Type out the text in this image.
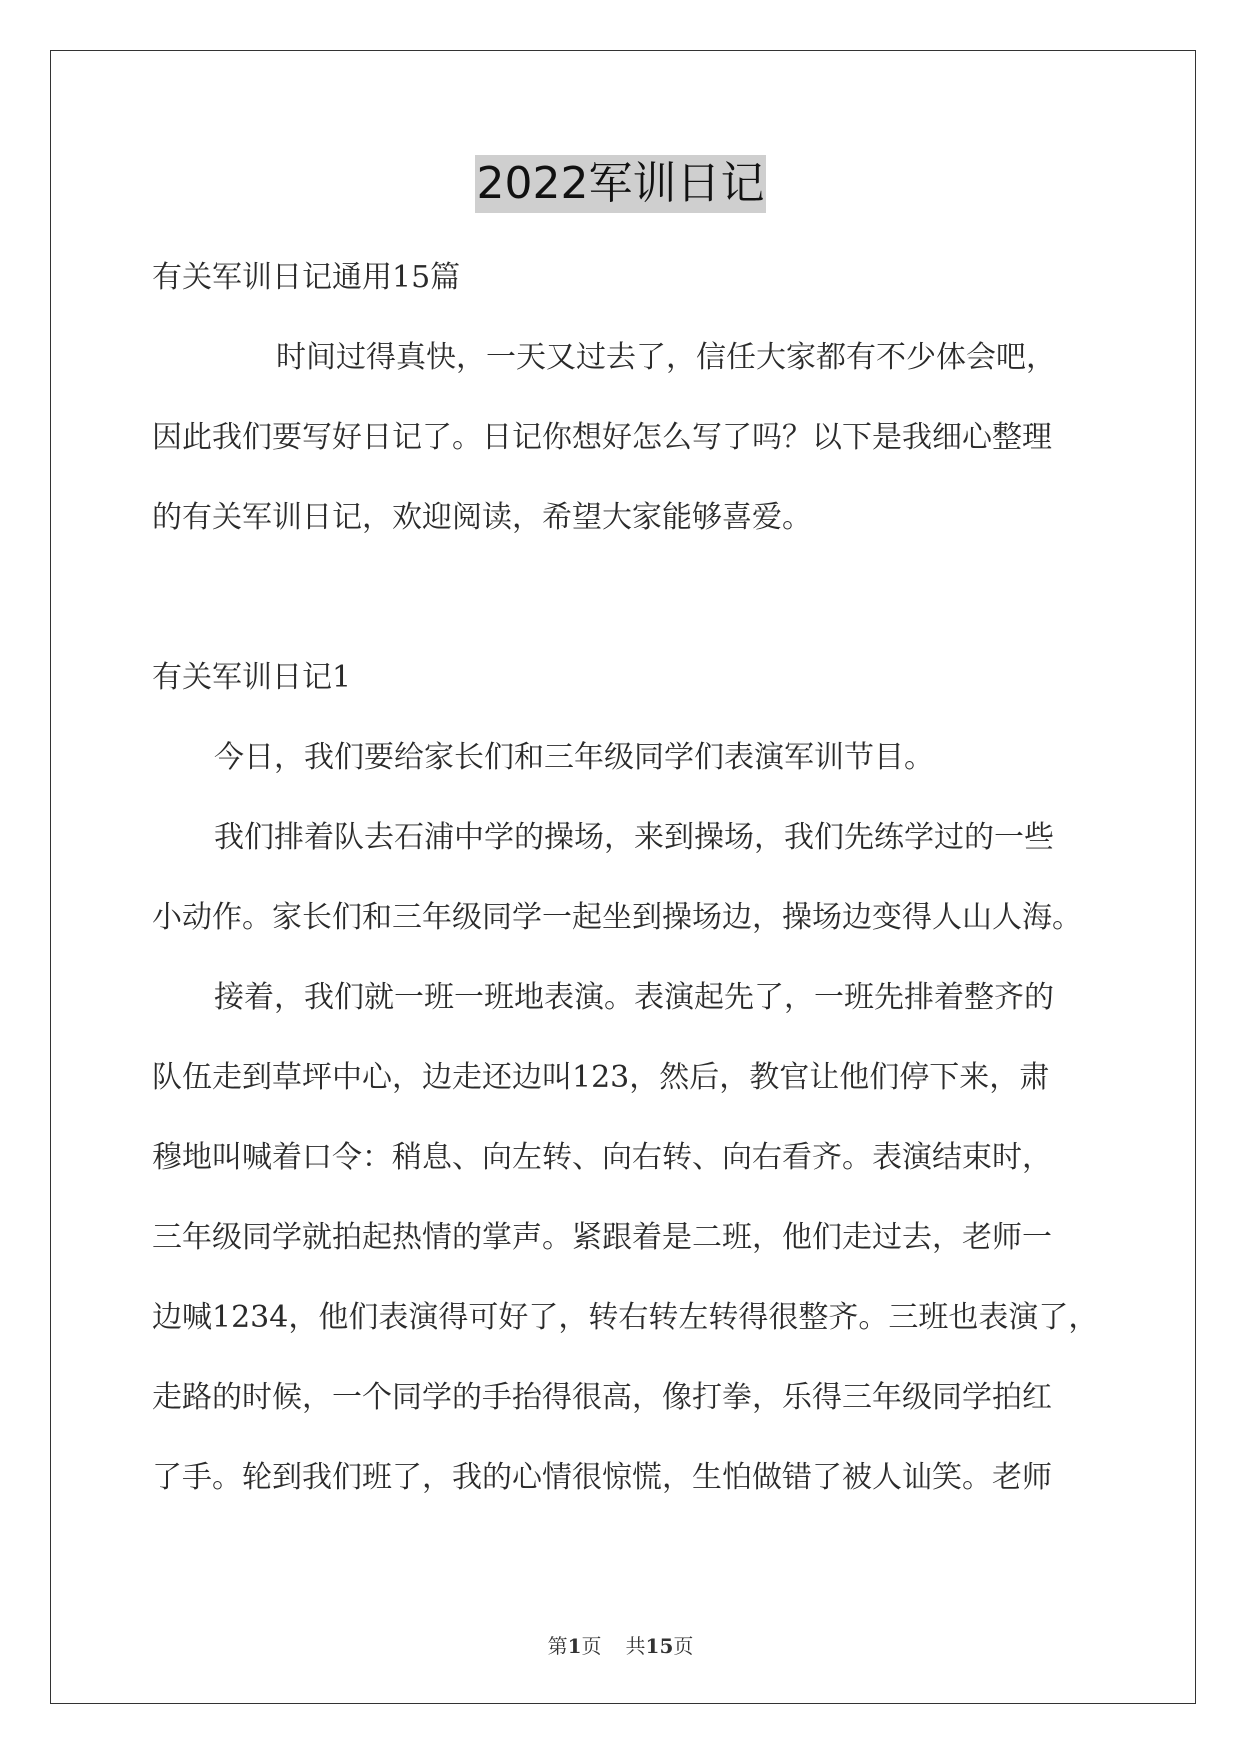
2022军训日记
有关军训日记通用15篇
时间过得真快，一天又过去了，信任大家都有不少体会吧，
因此我们要写好日记了。日记你想好怎么写了吗？以下是我细心整理
的有关军训日记，欢迎阅读，希望大家能够喜爱。
有关军训日记1
今日，我们要给家长们和三年级同学们表演军训节目。
我们排着队去石浦中学的操场，来到操场，我们先练学过的一些
小动作。家长们和三年级同学一起坐到操场边，操场边变得人山人海。
接着，我们就一班一班地表演。表演起先了，一班先排着整齐的
队伍走到草坪中心，边走还边叫123，然后，教官让他们停下来，肃
穆地叫喊着口令：稍息、向左转、向右转、向右看齐。表演结束时，
三年级同学就拍起热情的掌声。紧跟着是二班，他们走过去，老师一
边喊1234，他们表演得可好了，转右转左转得很整齐。三班也表演了，
走路的时候，一个同学的手抬得很高，像打拳，乐得三年级同学拍红
了手。轮到我们班了，我的心情很惊慌，生怕做错了被人讪笑。老师
第1页 共15页
